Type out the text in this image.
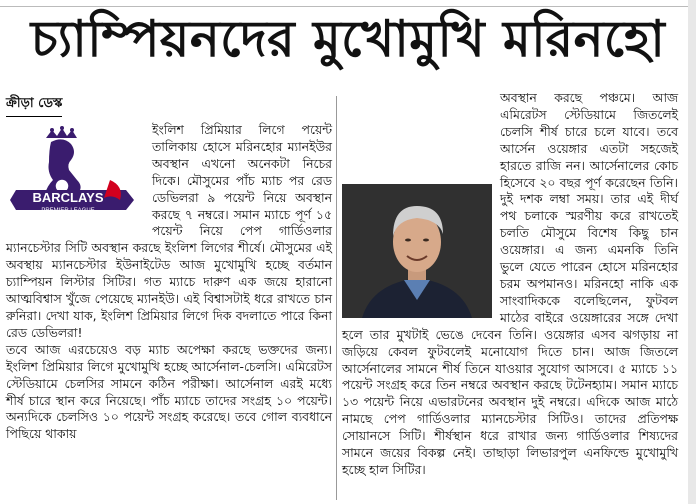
চ্যাম্পিয়নদের মুখোমুখি মরিনহো
ক্রীড়া ডেস্ক
BARCLAYS
PREMIER LEAGUE

ইংলিশ প্রিমিয়ার লিগে পয়েন্ট তালিকায় হোসে মরিনহোর ম্যানইউর অবস্থান এখনো অনেকটা নিচের দিকে। মৌসুমের পাঁচ ম্যাচ পর রেড ডেভিলরা ৯ পয়েন্ট নিয়ে অবস্থান করছে ৭ নম্বরে। সমান ম্যাচে পূর্ণ ১৫ পয়েন্ট নিয়ে পেপ গার্ডিওলার ম্যানচেস্টার সিটি অবস্থান করছে ইংলিশ লিগের শীর্ষে। মৌসুমের এই অবস্থায় ম্যানচেস্টার ইউনাইটেড আজ মুখোমুখি হচ্ছে বর্তমান চ্যাম্পিয়ন লিস্টার সিটির। গত ম্যাচে দারুণ এক জয়ে হারানো আত্মবিশ্বাস খুঁজে পেয়েছে ম্যানইউ। এই বিশ্বাসটাই ধরে রাখতে চান রুনিরা। দেখা যাক, ইংলিশ প্রিমিয়ার লিগে দিক বদলাতে পারে কিনা রেড ডেভিলরা!

তবে আজ এরচেয়েও বড় ম্যাচ অপেক্ষা করছে ভক্তদের জন্য। ইংলিশ প্রিমিয়ার লিগে মুখোমুখি হচ্ছে আর্সেনাল-চেলসি। এমিরেটস স্টেডিয়ামে চেলসির সামনে কঠিন পরীক্ষা। আর্সেনাল এরই মধ্যে শীর্ষ চারে স্থান করে নিয়েছে। পাঁচ ম্যাচে তাদের সংগ্রহ ১০ পয়েন্ট। অন্যদিকে চেলসিও ১০ পয়েন্ট সংগ্রহ করেছে। তবে গোল ব্যবধানে পিছিয়ে থাকায়

অবস্থান করছে পঞ্চমে। আজ এমিরেটস স্টেডিয়ামে জিতলেই চেলসি শীর্ষ চারে চলে যাবে। তবে আর্সেন ওয়েঙ্গার এতটা সহজেই হারতে রাজি নন। আর্সেনালের কোচ হিসেবে ২০ বছর পূর্ণ করেছেন তিনি। দুই দশক লম্বা সময়। তার এই দীর্ঘ পথ চলাকে স্মরণীয় করে রাখতেই চলতি মৌসুমে বিশেষ কিছু চান ওয়েঙ্গার। এ জন্য এমনকি তিনি ভুলে যেতে পারেন হোসে মরিনহোর চরম অপমানও। মরিনহো নাকি এক সাংবাদিককে বলেছিলেন, ফুটবল মাঠের বাইরে ওয়েঙ্গারের সঙ্গে দেখা হলে তার মুখটাই ভেঙে দেবেন তিনি। ওয়েঙ্গার এসব ঝগড়ায় না জড়িয়ে কেবল ফুটবলেই মনোযোগ দিতে চান। আজ জিতলে আর্সেনালের সামনে শীর্ষ তিনে যাওয়ার সুযোগ আসবে। ৫ ম্যাচে ১১ পয়েন্ট সংগ্রহ করে তিন নম্বরে অবস্থান করছে টটেনহ্যাম। সমান ম্যাচে ১৩ পয়েন্ট নিয়ে এভারটনের অবস্থান দুই নম্বরে। এদিকে আজ মাঠে নামছে পেপ গার্ডিওলার ম্যানচেস্টার সিটিও। তাদের প্রতিপক্ষ সোয়ানসে সিটি। শীর্ষস্থান ধরে রাখার জন্য গার্ডিওলার শিষ্যদের সামনে জয়ের বিকল্প নেই। তাছাড়া লিভারপুল এনফিল্ডে মুখোমুখি হচ্ছে হাল সিটির।
